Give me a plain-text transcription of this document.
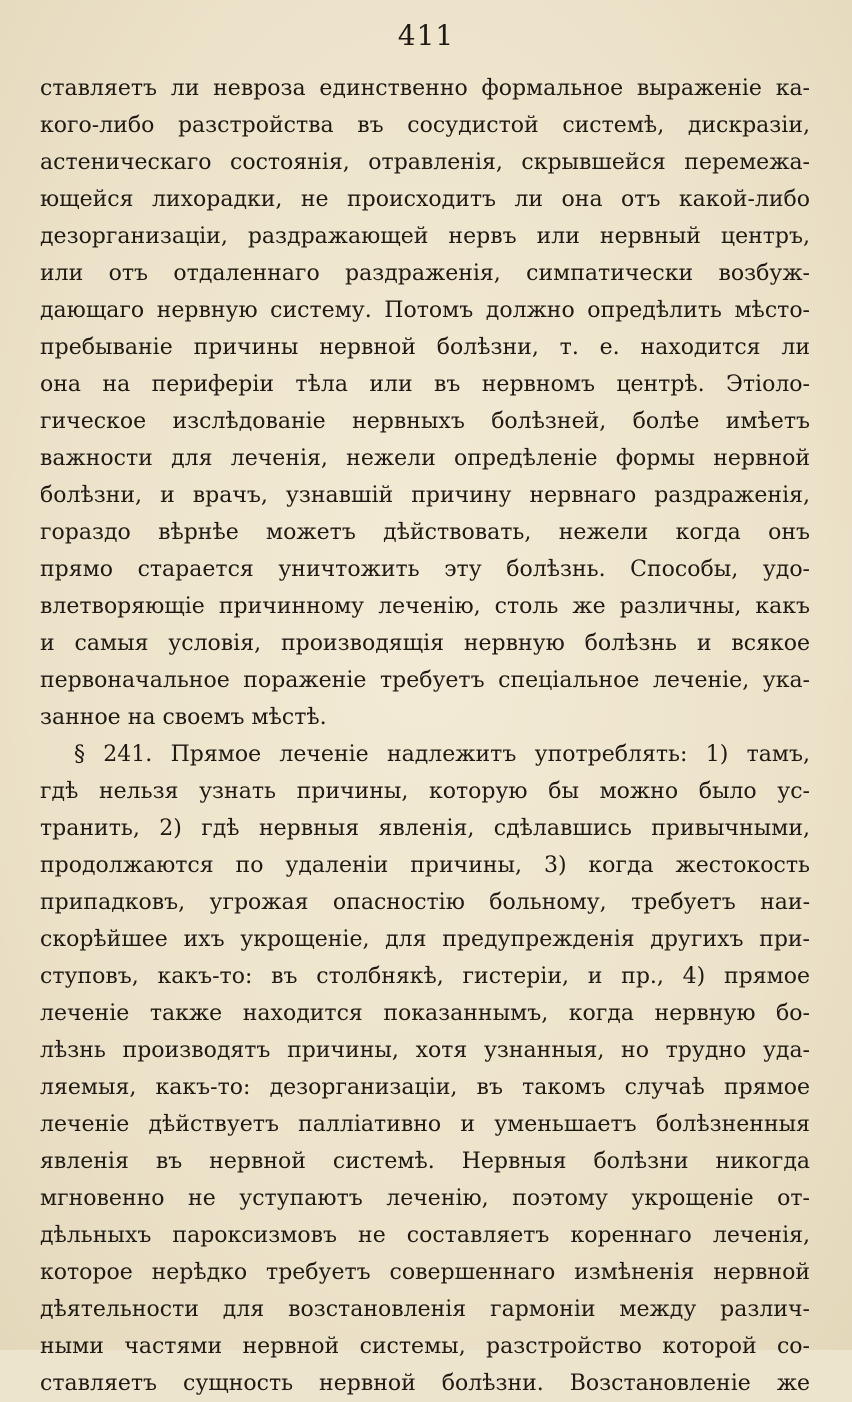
411
ставляетъ ли невроза единственно формальное выраженіе ка-
кого-либо разстройства въ сосудистой системѣ, дискразіи,
астеническаго состоянія, отравленія, скрывшейся перемежа-
ющейся лихорадки, не происходитъ ли она отъ какой-либо
дезорганизаціи, раздражающей нервъ или нервный центръ,
или отъ отдаленнаго раздраженія, симпатически возбуж-
дающаго нервную систему. Потомъ должно опредѣлить мѣсто-
пребываніе причины нервной болѣзни, т. е. находится ли
она на периферіи тѣла или въ нервномъ центрѣ. Этіоло-
гическое изслѣдованіе нервныхъ болѣзней, болѣе имѣетъ
важности для леченія, нежели опредѣленіе формы нервной
болѣзни, и врачъ, узнавшій причину нервнаго раздраженія,
гораздо вѣрнѣе можетъ дѣйствовать, нежели когда онъ
прямо старается уничтожить эту болѣзнь. Способы, удо-
влетворяющіе причинному леченію, столь же различны, какъ
и самыя условія, производящія нервную болѣзнь и всякое
первоначальное пораженіе требуетъ спеціальное леченіе, ука-
занное на своемъ мѣстѣ.
§ 241. Прямое леченіе надлежитъ употреблять: 1) тамъ,
гдѣ нельзя узнать причины, которую бы можно было ус-
транить, 2) гдѣ нервныя явленія, сдѣлавшись привычными,
продолжаются по удаленіи причины, 3) когда жестокость
припадковъ, угрожая опасностію больному, требуетъ наи-
скорѣйшее ихъ укрощеніе, для предупрежденія другихъ при-
ступовъ, какъ-то: въ столбнякѣ, гистеріи, и пр., 4) прямое
леченіе также находится показаннымъ, когда нервную бо-
лѣзнь производятъ причины, хотя узнанныя, но трудно уда-
ляемыя, какъ-то: дезорганизаціи, въ такомъ случаѣ прямое
леченіе дѣйствуетъ паллiативно и уменьшаетъ болѣзненныя
явленія въ нервной системѣ. Нервныя болѣзни никогда
мгновенно не уступаютъ леченію, поэтому укрощеніе от-
дѣльныхъ пароксизмовъ не составляетъ кореннаго леченія,
которое нерѣдко требуетъ совершеннаго измѣненія нервной
дѣятельности для возстановленія гармоніи между различ-
ными частями нервной системы, разстройство которой со-
ставляетъ сущность нервной болѣзни. Возстановленіе же
